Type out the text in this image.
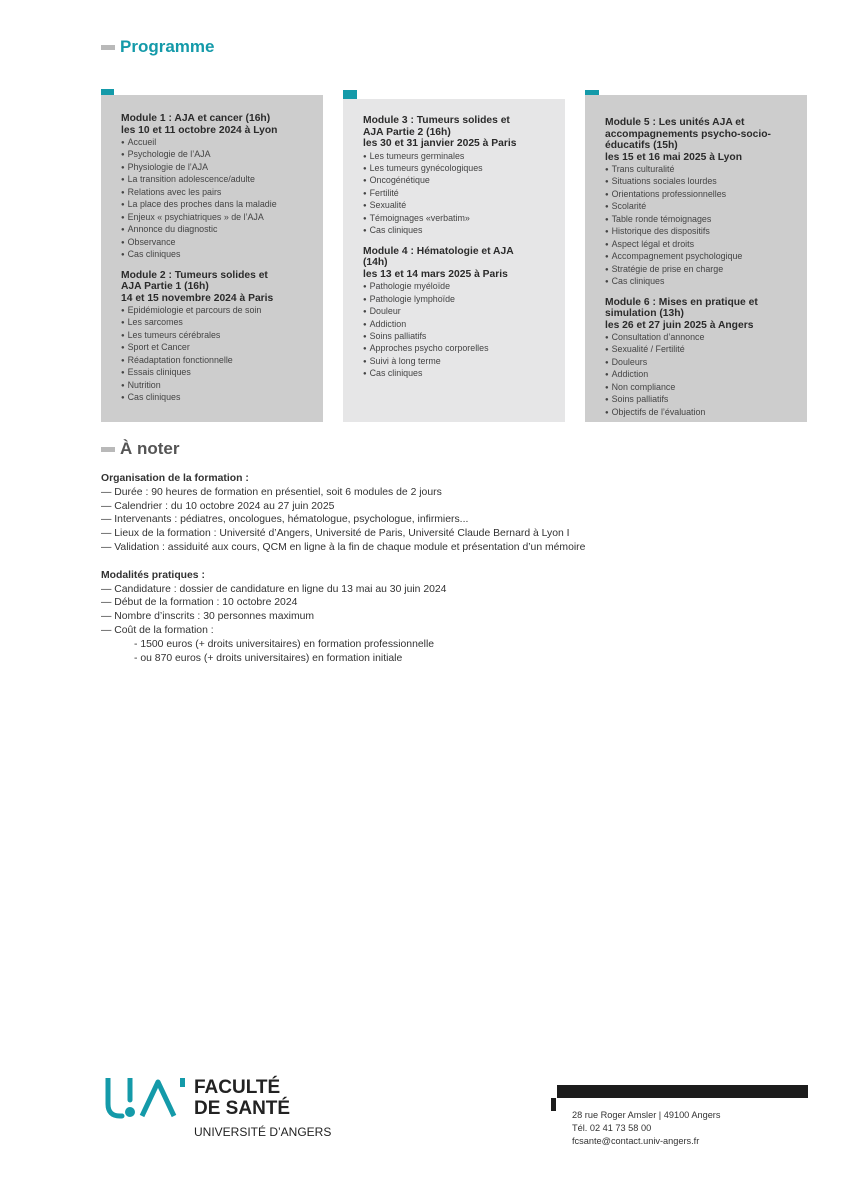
Programme
Module 1 : AJA et cancer (16h)
les 10 et 11 octobre 2024 à Lyon
● Accueil
● Psychologie de l’AJA
● Physiologie de l’AJA
● La transition adolescence/adulte
● Relations avec les pairs
● La place des proches dans la maladie
● Enjeux « psychiatriques » de l’AJA
● Annonce du diagnostic
● Observance
● Cas cliniques
Module 2 : Tumeurs solides et
AJA Partie 1 (16h)
14 et 15 novembre 2024 à Paris
● Epidémiologie et parcours de soin
● Les sarcomes
● Les tumeurs cérébrales
● Sport et Cancer
● Réadaptation fonctionnelle
● Essais cliniques
● Nutrition
● Cas cliniques
Module 3 : Tumeurs solides et
AJA Partie 2 (16h)
les 30 et 31 janvier 2025 à Paris
● Les tumeurs germinales
● Les tumeurs gynécologiques
● Oncogénétique
● Fertilité
● Sexualité
● Témoignages «verbatim»
● Cas cliniques
Module 4 : Hématologie et AJA
(14h)
les 13 et 14 mars 2025 à Paris
● Pathologie myéloïde
● Pathologie lymphoïde
● Douleur
● Addiction
● Soins palliatifs
● Approches psycho corporelles
● Suivi à long terme
● Cas cliniques
Module 5 : Les unités AJA et
accompagnements psycho-socio-
éducatifs (15h)
les 15 et 16 mai 2025 à Lyon
● Trans culturalité
● Situations sociales lourdes
● Orientations professionnelles
● Scolarité
● Table ronde témoignages
● Historique des dispositifs
● Aspect légal et droits
● Accompagnement psychologique
● Stratégie de prise en charge
● Cas cliniques
Module 6 : Mises en pratique et
simulation (13h)
les 26 et 27 juin 2025 à Angers
● Consultation d’annonce
● Sexualité / Fertilité
● Douleurs
● Addiction
● Non compliance
● Soins palliatifs
● Objectifs de l’évaluation
À noter
Organisation de la formation :
— Durée : 90 heures de formation en présentiel, soit 6 modules de 2 jours
— Calendrier : du 10 octobre 2024 au 27 juin 2025
— Intervenants : pédiatres, oncologues, hématologue, psychologue, infirmiers...
— Lieux de la formation : Université d’Angers, Université de Paris, Université Claude Bernard à Lyon I
— Validation : assiduité aux cours, QCM en ligne à la fin de chaque module et présentation d’un mémoire
Modalités pratiques :
— Candidature : dossier de candidature en ligne du 13 mai au 30 juin 2024
— Début de la formation : 10 octobre 2024
— Nombre d’inscrits : 30 personnes maximum
— Coût de la formation :
- 1500 euros (+ droits universitaires) en formation professionnelle
- ou 870 euros (+ droits universitaires) en formation initiale
FACULTÉ
DE SANTÉ
UNIVERSITÉ D’ANGERS
28 rue Roger Amsler | 49100 Angers
Tél. 02 41 73 58 00
fcsante@contact.univ-angers.fr
